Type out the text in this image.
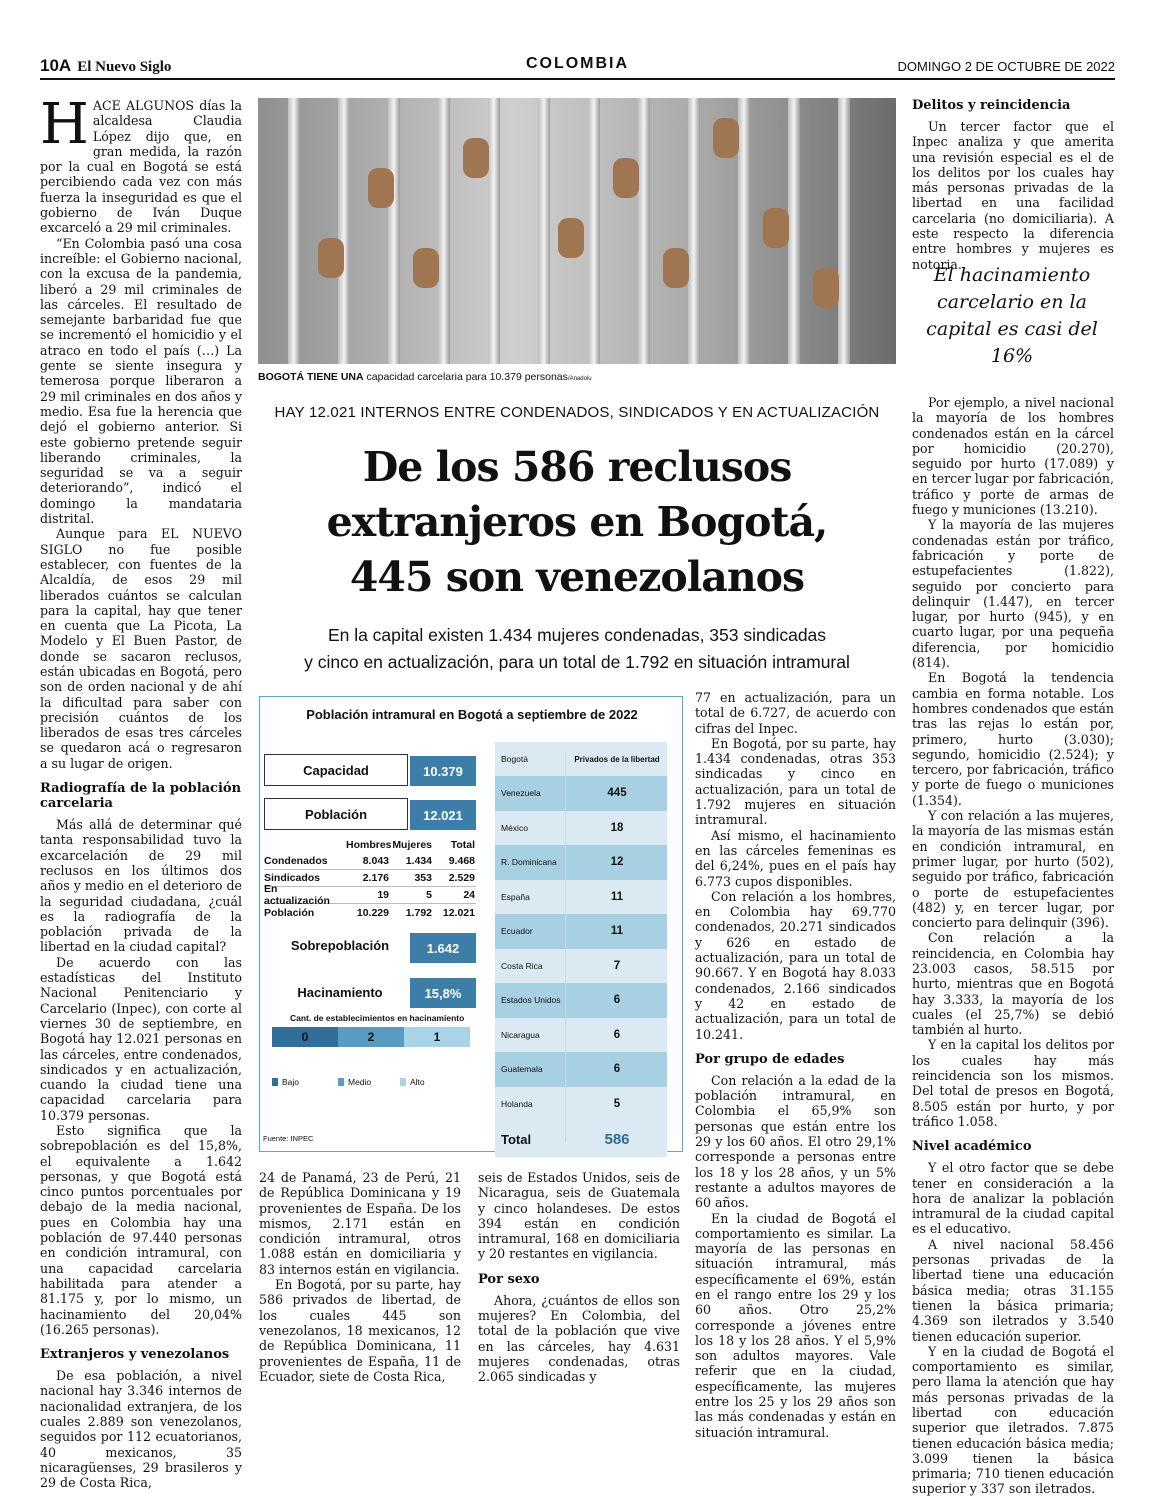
10A El Nuevo Siglo	COLOMBIA	DOMINGO 2 DE OCTUBRE DE 2022

HACE ALGUNOS días la alcaldesa Claudia López dijo que, en gran medida, la razón por la cual en Bogotá se está percibiendo cada vez con más fuerza la inseguridad es que el gobierno de Iván Duque excarceló a 29 mil criminales.

“En Colombia pasó una cosa increíble: el Gobierno nacional, con la excusa de la pandemia, liberó a 29 mil criminales de las cárceles. El resultado de semejante barbaridad fue que se incrementó el homicidio y el atraco en todo el país (…) La gente se siente insegura y temerosa porque liberaron a 29 mil criminales en dos años y medio. Esa fue la herencia que dejó el gobierno anterior. Si este gobierno pretende seguir liberando criminales, la seguridad se va a seguir deteriorando”, indicó el domingo la mandataria distrital.

Aunque para EL NUEVO SIGLO no fue posible establecer, con fuentes de la Alcaldía, de esos 29 mil liberados cuántos se calculan para la capital, hay que tener en cuenta que La Picota, La Modelo y El Buen Pastor, de donde se sacaron reclusos, están ubicadas en Bogotá, pero son de orden nacional y de ahí la dificultad para saber con precisión cuántos de los liberados de esas tres cárceles se quedaron acá o regresaron a su lugar de origen.

Radiografía de la población carcelaria

Más allá de determinar qué tanta responsabilidad tuvo la excarcelación de 29 mil reclusos en los últimos dos años y medio en el deterioro de la seguridad ciudadana, ¿cuál es la radiografía de la población privada de la libertad en la ciudad capital?

De acuerdo con las estadísticas del Instituto Nacional Penitenciario y Carcelario (Inpec), con corte al viernes 30 de septiembre, en Bogotá hay 12.021 personas en las cárceles, entre condenados, sindicados y en actualización, cuando la ciudad tiene una capacidad carcelaria para 10.379 personas.

Esto significa que la sobrepoblación es del 15,8%, el equivalente a 1.642 personas, y que Bogotá está cinco puntos porcentuales por debajo de la media nacional, pues en Colombia hay una población de 97.440 personas en condición intramural, con una capacidad carcelaria habilitada para atender a 81.175 y, por lo mismo, un hacinamiento del 20,04% (16.265 personas).

Extranjeros y venezolanos

De esa población, a nivel nacional hay 3.346 internos de nacionalidad extranjera, de los cuales 2.889 son venezolanos, seguidos por 112 ecuatorianos, 40 mexicanos, 35 nicaragüenses, 29 brasileros y 29 de Costa Rica,

BOGOTÁ TIENE UNA capacidad carcelaria para 10.379 personas/Anadolu
HAY 12.021 INTERNOS ENTRE CONDENADOS, SINDICADOS Y EN ACTUALIZACIÓN
De los 586 reclusos
extranjeros en Bogotá,
445 son venezolanos
En la capital existen 1.434 mujeres condenadas, 353 sindicadas
y cinco en actualización, para un total de 1.792 en situación intramural
Población intramural en Bogotá a septiembre de 2022
Capacidad	10.379
Población	12.021
Hombres Mujeres	Total
Condenados	8.043	1.434	9.468
Sindicados	2.176	353	2.529
En actualización	19	5	24
Población	10.229	1.792	12.021
Sobrepoblación	1.642
Hacinamiento	15,8%
Cant. de establecimientos en hacinamiento
0	2	1
Bajo	Medio	Alto
Fuente: INPEC
Bogotá	Privados de la libertad
Venezuela	445
México	18
R. Dominicana	12
España	11
Ecuador	11
Costa Rica	7
Estados Unidos	6
Nicaragua	6
Guatemala	6
Holanda	5
Total	586

24 de Panamá, 23 de Perú, 21 de República Dominicana y 19 provenientes de España. De los mismos, 2.171 están en condición intramural, otros 1.088 están en domiciliaria y 83 internos están en vigilancia.

En Bogotá, por su parte, hay 586 privados de libertad, de los cuales 445 son venezolanos, 18 mexicanos, 12 de República Dominicana, 11 provenientes de España, 11 de Ecuador, siete de Costa Rica,

seis de Estados Unidos, seis de Nicaragua, seis de Guatemala y cinco holandeses. De estos 394 están en condición intramural, 168 en domiciliaria y 20 restantes en vigilancia.

Por sexo

Ahora, ¿cuántos de ellos son mujeres? En Colombia, del total de la población que vive en las cárceles, hay 4.631 mujeres condenadas, otras 2.065 sindicadas y

77 en actualización, para un total de 6.727, de acuerdo con cifras del Inpec.

En Bogotá, por su parte, hay 1.434 condenadas, otras 353 sindicadas y cinco en actualización, para un total de 1.792 mujeres en situación intramural.

Así mismo, el hacinamiento en las cárceles femeninas es del 6,24%, pues en el país hay 6.773 cupos disponibles.

Con relación a los hombres, en Colombia hay 69.770 condenados, 20.271 sindicados y 626 en estado de actualización, para un total de 90.667. Y en Bogotá hay 8.033 condenados, 2.166 sindicados y 42 en estado de actualización, para un total de 10.241.

Por grupo de edades

Con relación a la edad de la población intramural, en Colombia el 65,9% son personas que están entre los 29 y los 60 años. El otro 29,1% corresponde a personas entre los 18 y los 28 años, y un 5% restante a adultos mayores de 60 años.

En la ciudad de Bogotá el comportamiento es similar. La mayoría de las personas en situación intramural, más específicamente el 69%, están en el rango entre los 29 y los 60 años. Otro 25,2% corresponde a jóvenes entre los 18 y los 28 años. Y el 5,9% son adultos mayores. Vale referir que en la ciudad, específicamente, las mujeres entre los 25 y los 29 años son las más condenadas y están en situación intramural.

Delitos y reincidencia

Un tercer factor que el Inpec analiza y que amerita una revisión especial es el de los delitos por los cuales hay más personas privadas de la libertad en una facilidad carcelaria (no domiciliaria). A este respecto la diferencia entre hombres y mujeres es notoria.

El hacinamiento carcelario en la capital es casi del 16%

Por ejemplo, a nivel nacional la mayoría de los hombres condenados están en la cárcel por homicidio (20.270), seguido por hurto (17.089) y en tercer lugar por fabricación, tráfico y porte de armas de fuego y municiones (13.210).

Y la mayoría de las mujeres condenadas están por tráfico, fabricación y porte de estupefacientes (1.822), seguido por concierto para delinquir (1.447), en tercer lugar, por hurto (945), y en cuarto lugar, por una pequeña diferencia, por homicidio (814).

En Bogotá la tendencia cambia en forma notable. Los hombres condenados que están tras las rejas lo están por, primero, hurto (3.030); segundo, homicidio (2.524); y tercero, por fabricación, tráfico y porte de fuego o municiones (1.354).

Y con relación a las mujeres, la mayoría de las mismas están en condición intramural, en primer lugar, por hurto (502), seguido por tráfico, fabricación o porte de estupefacientes (482) y, en tercer lugar, por concierto para delinquir (396).

Con relación a la reincidencia, en Colombia hay 23.003 casos, 58.515 por hurto, mientras que en Bogotá hay 3.333, la mayoría de los cuales (el 25,7%) se debió también al hurto.

Y en la capital los delitos por los cuales hay más reincidencia son los mismos. Del total de presos en Bogotá, 8.505 están por hurto, y por tráfico 1.058.

Nivel académico

Y el otro factor que se debe tener en consideración a la hora de analizar la población intramural de la ciudad capital es el educativo.

A nivel nacional 58.456 personas privadas de la libertad tiene una educación básica media; otras 31.155 tienen la básica primaria; 4.369 son iletrados y 3.540 tienen educación superior.

Y en la ciudad de Bogotá el comportamiento es similar, pero llama la atención que hay más personas privadas de la libertad con educación superior que iletrados. 7.875 tienen educación básica media; 3.099 tienen la básica primaria; 710 tienen educación superior y 337 son iletrados.
